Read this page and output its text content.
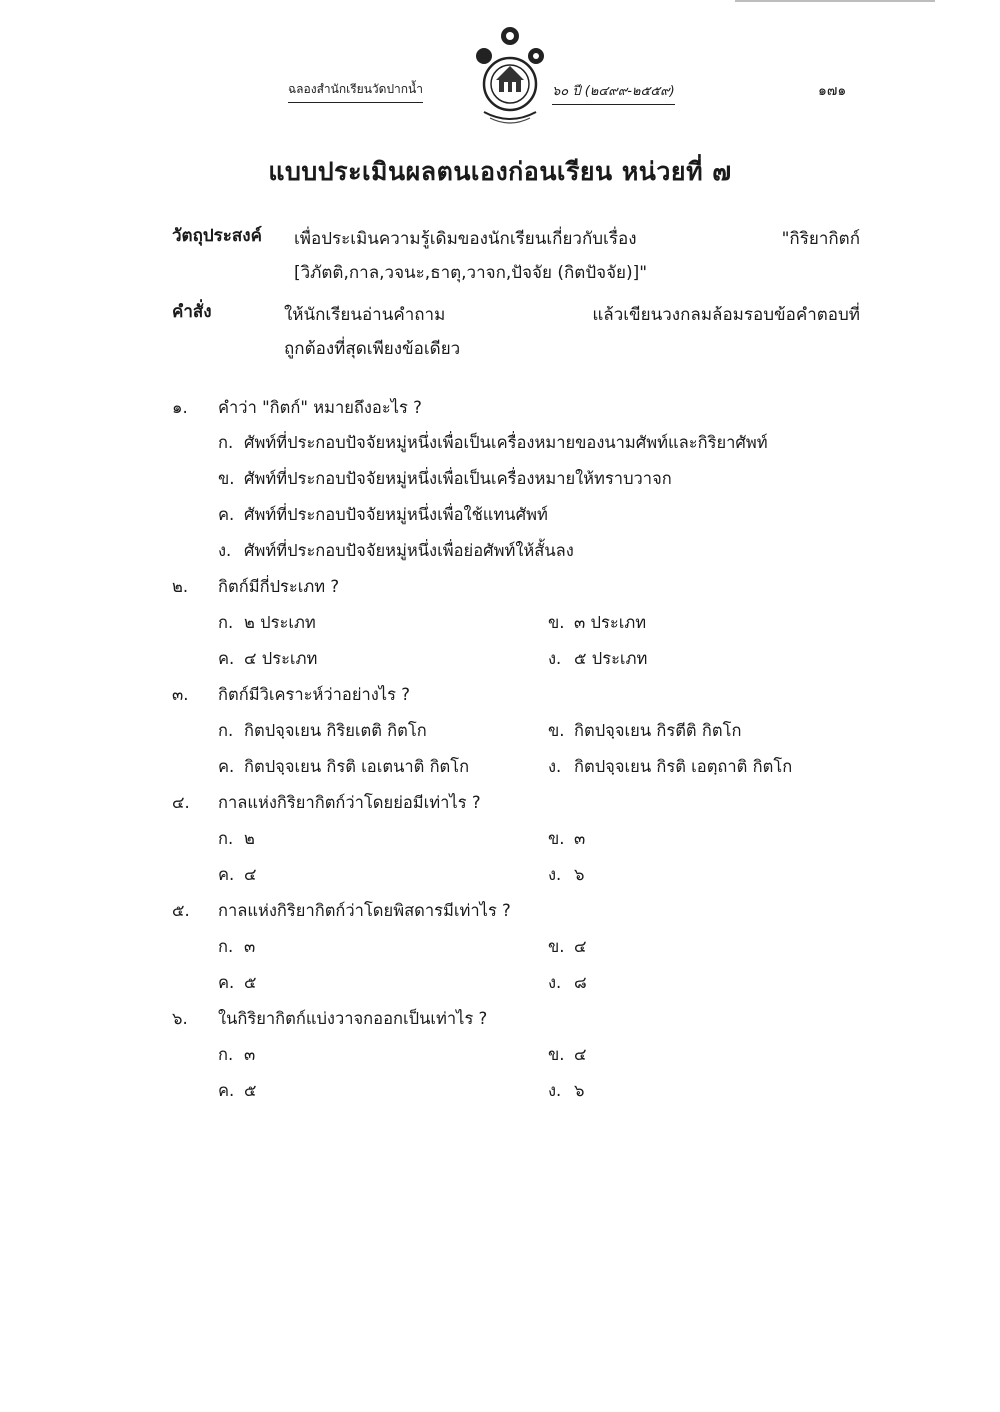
ฉลองสำนักเรียนวัดปากน้ำ	๖๐ ปี (๒๔๙๙-๒๕๕๙)	๑๗๑
แบบประเมินผลตนเองก่อนเรียน หน่วยที่ ๗
วัตถุประสงค์ เพื่อประเมินความรู้เดิมของนักเรียนเกี่ยวกับเรื่อง "กิริยากิตก์
[วิภัตติ,กาล,วจนะ,ธาตุ,วาจก,ปัจจัย (กิตปัจจัย)]"
คำสั่ง	ให้นักเรียนอ่านคำถาม แล้วเขียนวงกลมล้อมรอบข้อคำตอบที่
ถูกต้องที่สุดเพียงข้อเดียว
๑. คำว่า "กิตก์" หมายถึงอะไร ?
ก. ศัพท์ที่ประกอบปัจจัยหมู่หนึ่งเพื่อเป็นเครื่องหมายของนามศัพท์และกิริยาศัพท์
ข. ศัพท์ที่ประกอบปัจจัยหมู่หนึ่งเพื่อเป็นเครื่องหมายให้ทราบวาจก
ค. ศัพท์ที่ประกอบปัจจัยหมู่หนึ่งเพื่อใช้แทนศัพท์
ง. ศัพท์ที่ประกอบปัจจัยหมู่หนึ่งเพื่อย่อศัพท์ให้สั้นลง
๒. กิตก์มีกี่ประเภท ?
ก. ๒ ประเภท	ข. ๓ ประเภท
ค. ๔ ประเภท	ง. ๕ ประเภท
๓. กิตก์มีวิเคราะห์ว่าอย่างไร ?
ก. กิตปจฺจเยน กิริยเตติ กิตโก	ข. กิตปจฺจเยน กิรตีติ กิตโก
ค. กิตปจฺจเยน กิรติ เอเตนาติ กิตโก	ง. กิตปจฺจเยน กิรติ เอตฺถาติ กิตโก
๔. กาลแห่งกิริยากิตก์ว่าโดยย่อมีเท่าไร ?
ก. ๒	ข. ๓
ค. ๔	ง. ๖
๕. กาลแห่งกิริยากิตก์ว่าโดยพิสดารมีเท่าไร ?
ก. ๓	ข. ๔
ค. ๕	ง. ๘
๖. ในกิริยากิตก์แบ่งวาจกออกเป็นเท่าไร ?
ก. ๓	ข. ๔
ค. ๕	ง. ๖
